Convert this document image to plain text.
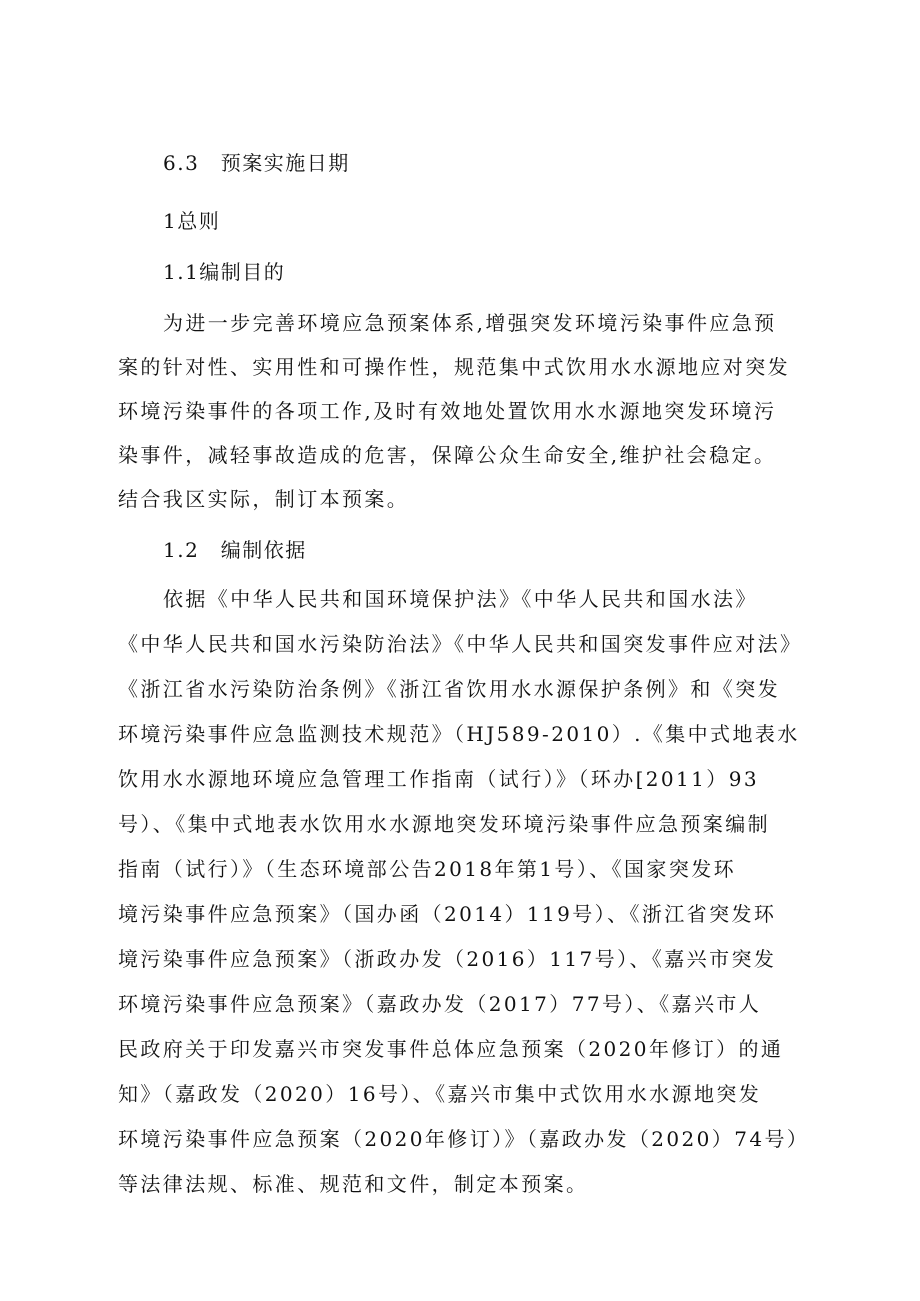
6.3　预案实施日期
1总则
1.1编制目的
为进一步完善环境应急预案体系,增强突发环境污染事件应急预
案的针对性、实用性和可操作性，规范集中式饮用水水源地应对突发
环境污染事件的各项工作,及时有效地处置饮用水水源地突发环境污
染事件，减轻事故造成的危害，保障公众生命安全,维护社会稳定。
结合我区实际，制订本预案。
1.2　编制依据
依据《中华人民共和国环境保护法》《中华人民共和国水法》
《中华人民共和国水污染防治法》《中华人民共和国突发事件应对法》
《浙江省水污染防治条例》《浙江省饮用水水源保护条例》和《突发
环境污染事件应急监测技术规范》（HJ589-2010）.《集中式地表水
饮用水水源地环境应急管理工作指南（试行）》（环办[2011）93
号）、《集中式地表水饮用水水源地突发环境污染事件应急预案编制
指南（试行）》（生态环境部公告2018年第1号）、《国家突发环
境污染事件应急预案》（国办函（2014）119号）、《浙江省突发环
境污染事件应急预案》（浙政办发（2016）117号）、《嘉兴市突发
环境污染事件应急预案》（嘉政办发（2017）77号）、《嘉兴市人
民政府关于印发嘉兴市突发事件总体应急预案（2020年修订）的通
知》（嘉政发（2020）16号）、《嘉兴市集中式饮用水水源地突发
环境污染事件应急预案（2020年修订）》（嘉政办发（2020）74号）
等法律法规、标准、规范和文件，制定本预案。
